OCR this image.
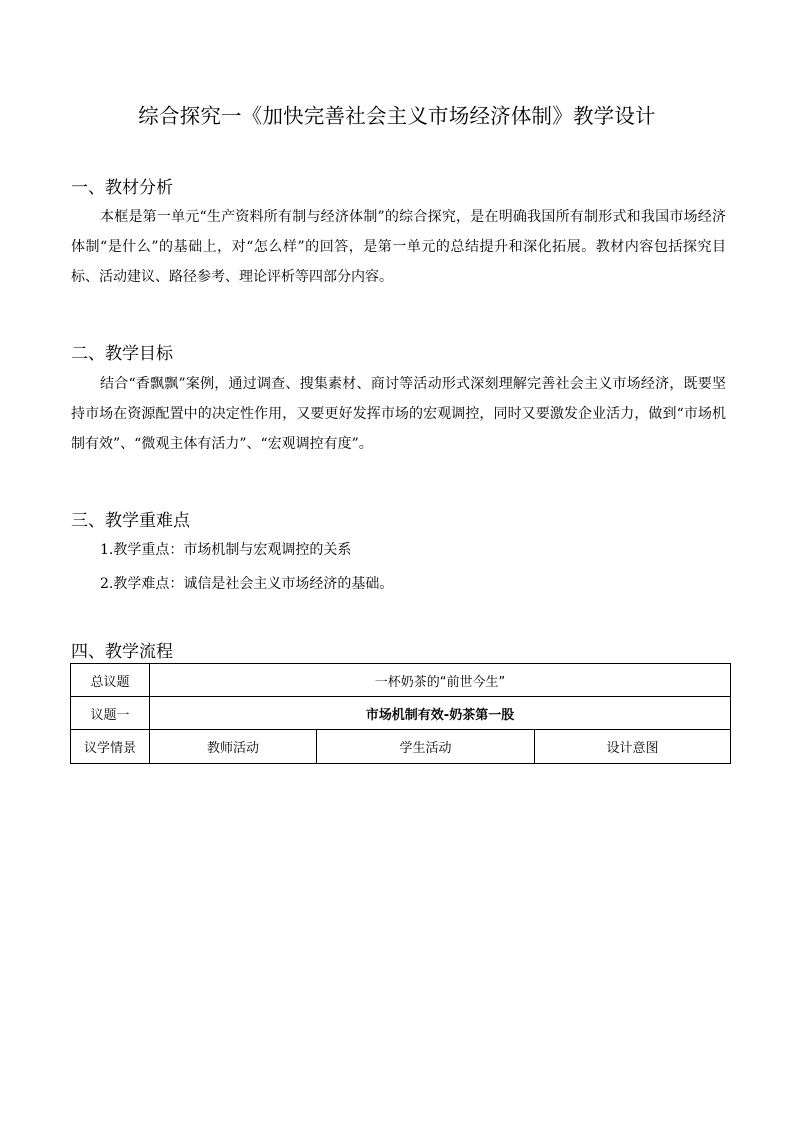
综合探究一《加快完善社会主义市场经济体制》教学设计
一、教材分析

本框是第一单元“生产资料所有制与经济体制”的综合探究，是在明确我国所有制形式和我国市场经济体制“是什么”的基础上，对“怎么样”的回答，是第一单元的总结提升和深化拓展。教材内容包括探究目标、活动建议、路径参考、理论评析等四部分内容。

二、教学目标

结合“香飘飘”案例，通过调查、搜集素材、商讨等活动形式深刻理解完善社会主义市场经济，既要坚持市场在资源配置中的决定性作用，又要更好发挥市场的宏观调控，同时又要激发企业活力，做到“市场机制有效”、“微观主体有活力”、“宏观调控有度”。

三、教学重难点
1.教学重点：市场机制与宏观调控的关系
2.教学难点：诚信是社会主义市场经济的基础。
四、教学流程
总议题	一杯奶茶的“前世今生”		
议题一	市场机制有效-奶茶第一股		
议学情景	教师活动	学生活动	设计意图
